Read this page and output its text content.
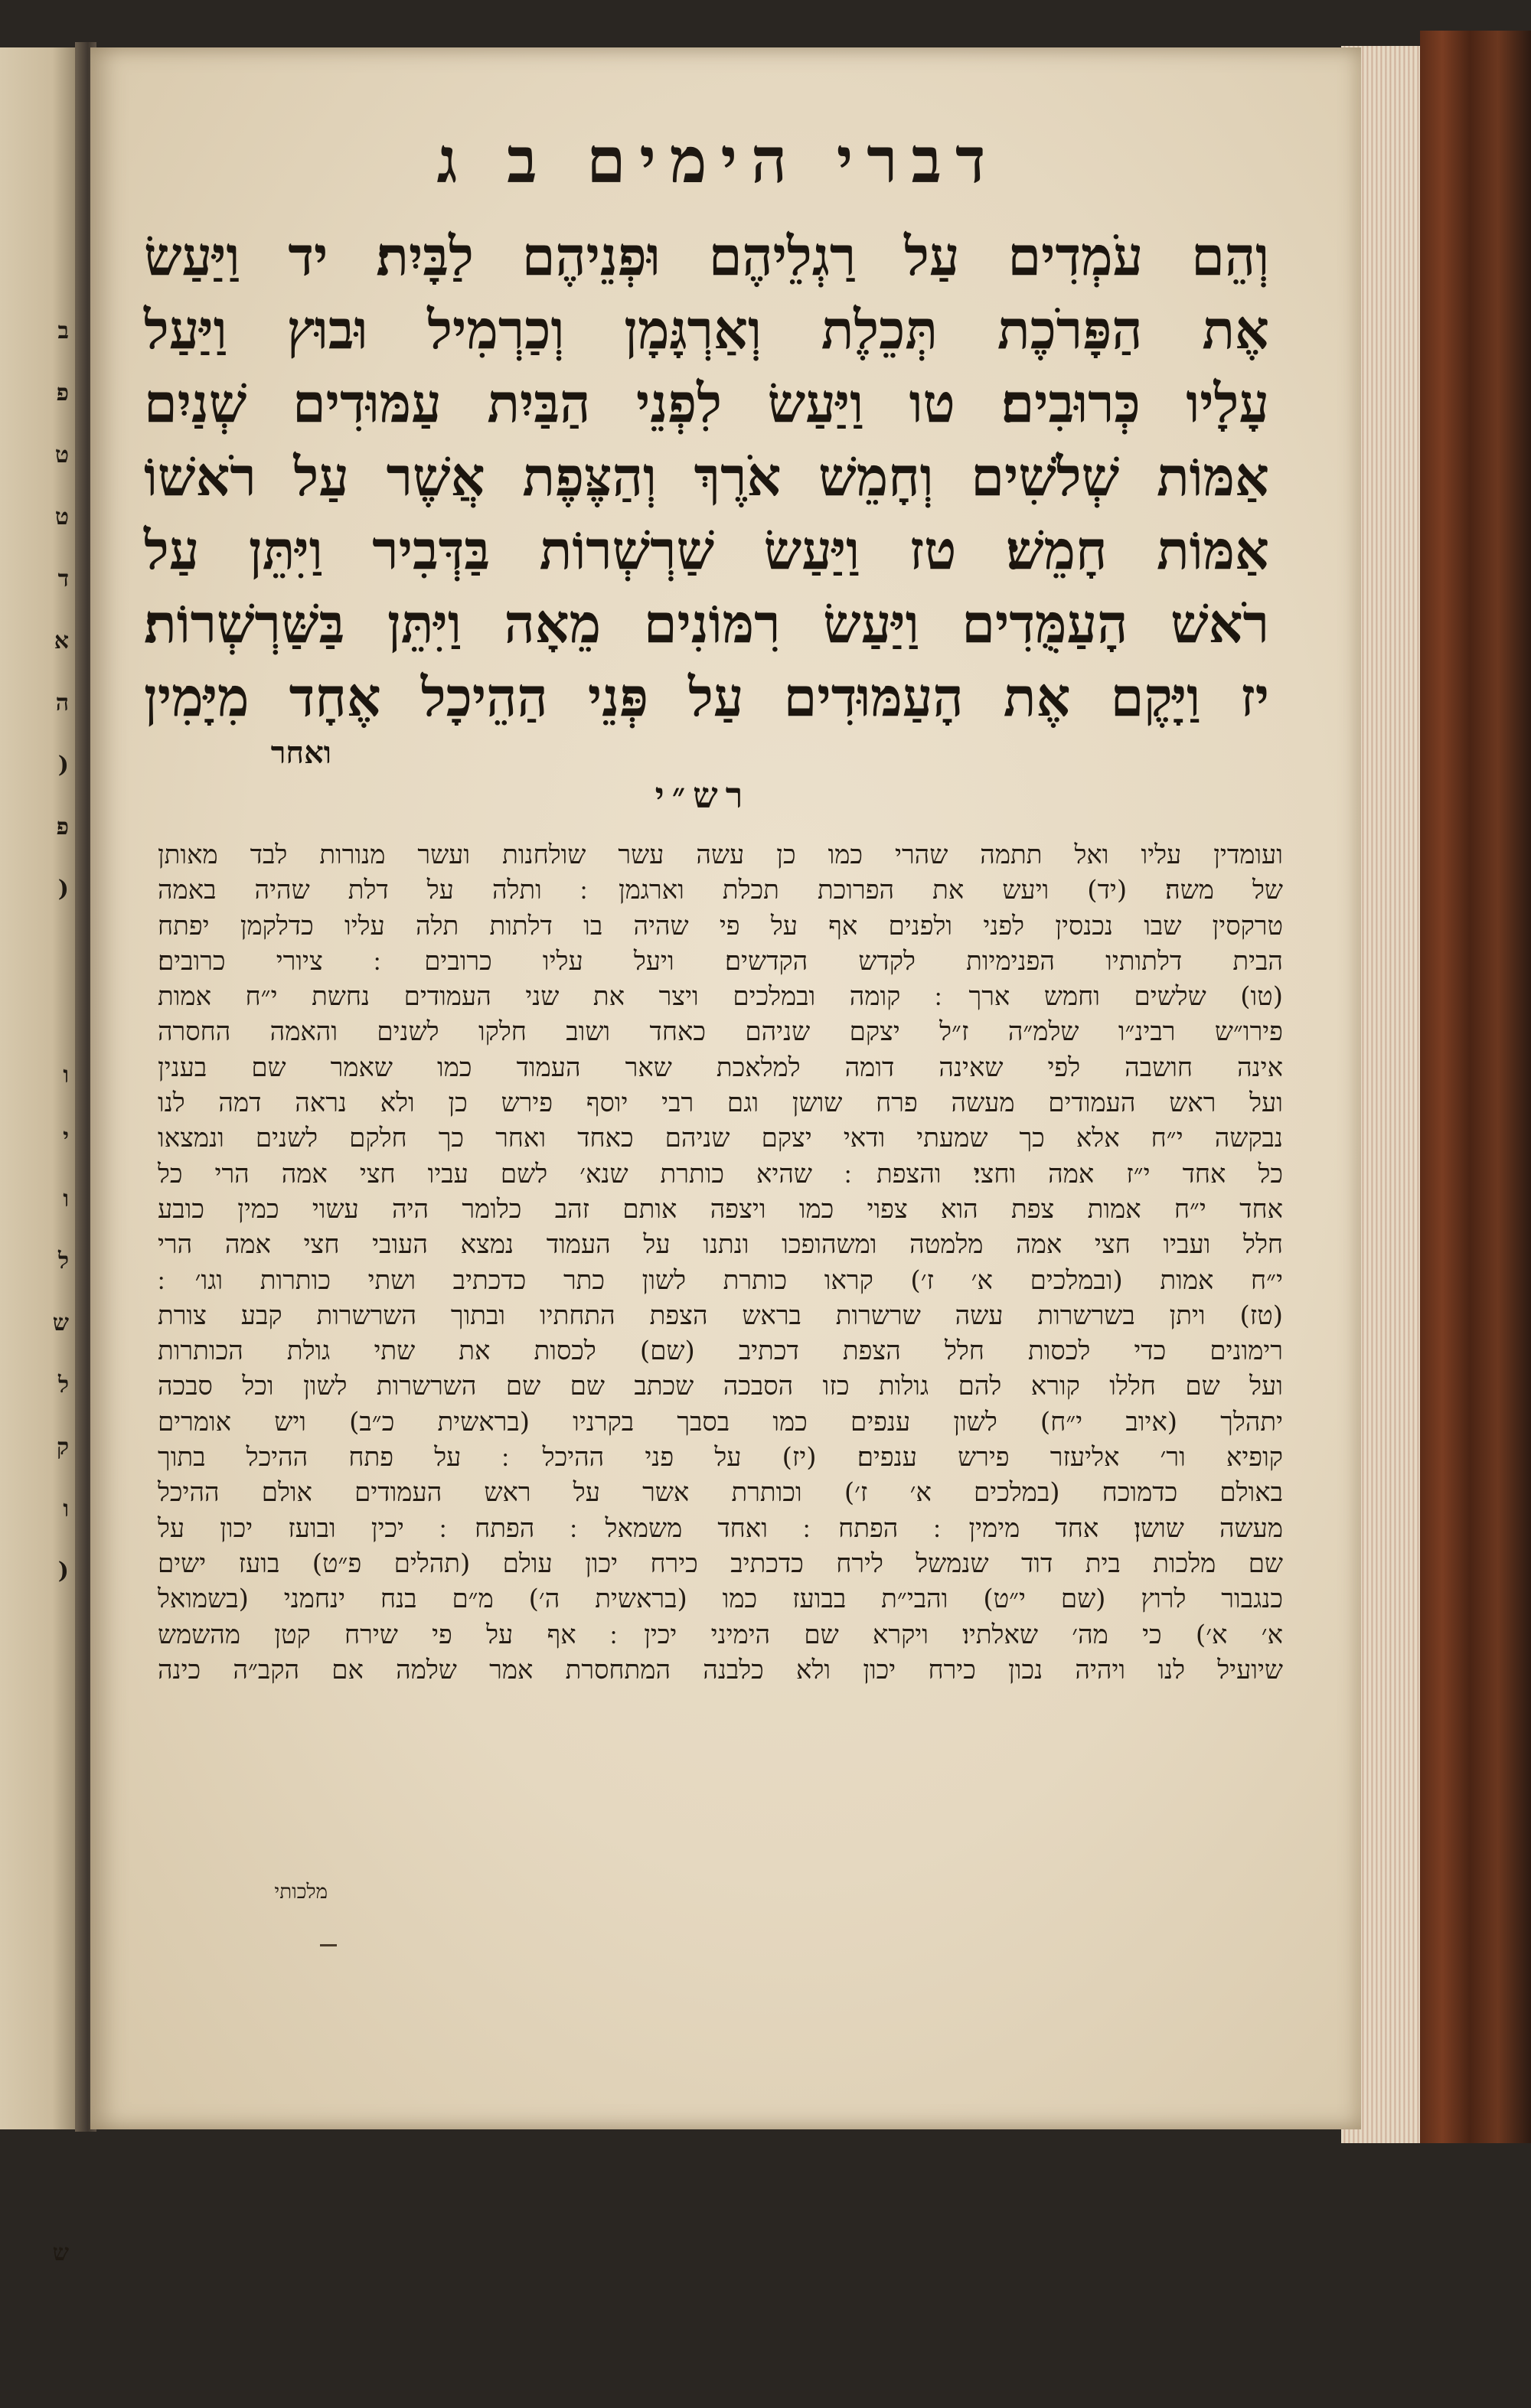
ב
פ
ט
ט
ד
א
ה
(
פ
(
ו
י
ו
ל
ש
ל
ק
ו
(
ש
דברי הימים ב ג
וְהֵם עֹמְדִים עַל רַגְלֵיהֶם וּפְנֵיהֶם לַבָּיִת׃ יד וַיַּעַשׂ
אֶת הַפָּרֹכֶת תְּכֵלֶת וְאַרְגָּמָן וְכַרְמִיל וּבוּץ וַיַּעַל
עָלָיו כְּרוּבִים׃ טו וַיַּעַשׂ לִפְנֵי הַבַּיִת עַמּוּדִים שְׁנַיִם
אַמּוֹת שְׁלֹשִׁים וְחָמֵשׁ אֹרֶךְ וְהַצֶּפֶת אֲשֶׁר עַל רֹאשׁוֹ
אַמּוֹת חָמֵשׁ׃ טז וַיַּעַשׂ שַׁרְשְׁרוֹת בַּדְּבִיר וַיִּתֵּן עַל
רֹאשׁ הָעַמֻּדִים וַיַּעַשׂ רִמּוֹנִים מֵאָה וַיִּתֵּן בַּשַּׁרְשְׁרוֹת׃
יז וַיָּקֶם אֶת הָעַמּוּדִים עַל פְּנֵי הַהֵיכָל אֶחָד מִיָּמִין
ואחר
רש״י
ועומדין עליו ואל תתמה שהרי כמו כן עשה עשר שולחנות ועשר מנורות לבד מאותן
של משה׃ (יד) ויעש את הפרוכת תכלת וארגמן ׃ ותלה על דלת שהיה באמה
טרקסין שבו נכנסין לפני ולפנים אף על פי שהיה בו דלתות תלה עליו כדלקמן יפתח
הבית דלתותיו הפנימיות לקדש הקדשים׃ ויעל עליו כרובים ׃ ציורי כרובים׃
(טו) שלשים וחמש ארך ׃ קומה ובמלכים ויצר את שני העמודים נחשת י״ח אמות
פירו״ש רבינ״ו שלמ״ה ז״ל יצקם שניהם כאחד ושוב חלקו לשנים והאמה החסרה
אינה חושבה לפי שאינה דומה למלאכת שאר העמוד כמו שאמר שם בענין
ועל ראש העמודים מעשה פרח שושן וגם רבי יוסף פירש כן ולא נראה דמה לנו
נבקשה י״ח אלא כך שמעתי ודאי יצקם שניהם כאחד ואחר כך חלקם לשנים ונמצאו
כל אחד י״ז אמה וחצי׃ והצפת ׃ שהיא כותרת שנא׳ לשם עביו חצי אמה הרי כל
אחד י״ח אמות צפת הוא צפוי כמו ויצפה אותם זהב כלומר היה עשוי כמין כובע
חלל ועביו חצי אמה מלמטה ומשהופכו ונתנו על העמוד נמצא העובי חצי אמה הרי
י״ח אמות (ובמלכים א׳ ז׳) קראו כותרת לשון כתר כדכתיב ושתי כותרות וגו׳ ׃
(טז) ויתן בשרשרות עשה שרשרות בראש הצפת התחתיו ובתוך השרשרות קבע צורת
רימונים כדי לכסות חלל הצפת דכתיב (שם) לכסות את שתי גולת הכותרות
ועל שם חללו קורא להם גולות כזו הסבכה שכתב שם שם השרשרות לשון וכל סבכה
יתהלך (איוב י״ח) לשון ענפים כמו בסבך בקרניו (בראשית כ״ב) ויש אומרים
קופיא ור׳ אליעזר פירש ענפים׃ (יז) על פני ההיכל ׃ על פתח ההיכל בתוך
באולם כדמוכח (במלכים א׳ ז׳) וכותרת אשר על ראש העמודים אולם ההיכל
מעשה שושן׃ אחד מימין ׃ הפתח ׃ ואחד משמאל ׃ הפתח ׃ יכין ובועז יכון על
שם מלכות בית דוד שנמשל לירח כדכתיב כירח יכון עולם (תהלים פ״ט) בועז ישים
כנגבור לרוץ (שם י״ט) והבי״ת בבועז כמו (בראשית ה׳) מ״ם בנח ינחמני (בשמואל
א׳ א׳) כי מה׳ שאלתיו׃ ויקרא שם הימיני יכין ׃ אף על פי שירח קטן מהשמש
שיועיל לנו ויהיה נכון כירח יכון ולא כלבנה המתחסרת אמר שלמה אם הקב״ה כינה
מלכותי
